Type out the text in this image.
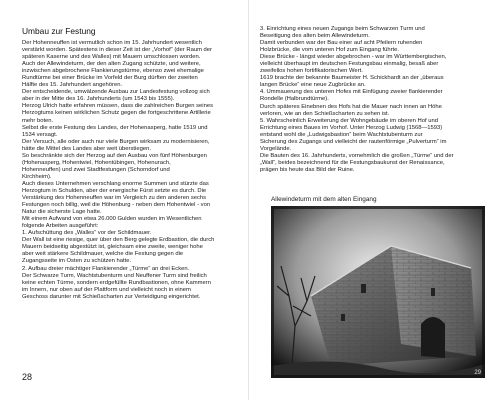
Umbau zur Festung
Der Hohenneuffen ist vermutlich schon im 15. Jahrhundert wesentlich
verstärkt worden. Spätestens in dieser Zeit ist der „Vorhof“ (der Raum der
späteren Kaserne und des Walles) mit Mauern umschlossen worden.
Auch der Allewindeturm, der den alten Zugang schützte, und weitere,
inzwischen abgebrochene Flankierungstürme, ebenso zwei ehemalige
Rundtürme bei einer Brücke im Vorfeld der Burg dürften der zweiten
Hälfte des 15. Jahrhundert angehören.
Der entscheidende, umwälzende Ausbau zur Landesfestung vollzog sich
aber in der Mitte des 16. Jahrhunderts (um 1543 bis 1555).
Herzog Ulrich hatte erfahren müssen, dass die zahlreichen Burgen seines
Herzogtums keinen wirklichen Schutz gegen die fortgeschrittene Artillerie
mehr boten.
Selbst die erste Festung des Landes, der Hohenasperg, hatte 1519 und
1534 versagt.
Der Versuch, alle oder auch nur viele Burgen wirksam zu modernisieren,
hätte die Mittel des Landes aber weit überstiegen.
So beschränkte sich der Herzog auf den Ausbau von fünf Höhenburgen
(Hohenasperg, Hohentwiel, Hohentübingen, Hohenurach,
Hohenneuffen) und zwei Stadtfestungen (Schorndorf und
Kirchheim).
Auch dieses Unternehmen verschlang enorme Summen und stürzte das
Herzogtum in Schulden, aber der energische Fürst setzte es durch. Die
Verstärkung des Hohenneuffen war im Vergleich zu den anderen sechs
Festungen noch billig, weil die Höhenburg - neben dem Hohentwiel - von
Natur die sicherste Lage hatte.
Mit einem Aufwand von etwa 26.000 Gulden wurden im Wesentlichen
folgende Arbeiten ausgeführt:
1. Aufschüttung des „Walles“ vor der Schildmauer.
Der Wall ist eine riesige, quer über den Berg gelegte Erdbastion, die durch
Mauern beidseitig abgestützt ist, gleichsam eine zweite, weniger hohe
aber weit stärkere Schildmauer, welche die Festung gegen die
Zugangsseite im Osten zu schützen hatte.
2. Aufbau dreier mächtiger Flankierender „Türme“ an drei Ecken.
Der Schwarze Turm, Wachtstubenturm und Neuffener Turm sind freilich
keine echten Türme, sondern erdgefüllte Rundbastionen, ohne Kammern
im Innern, nur oben auf der Plattform und vielleicht noch in einem
Geschoss darunter mit Schießscharten zur Verteidigung eingerichtet.
28
3. Einrichtung eines neuen Zugangs beim Schwarzen Turm und
Beseitigung des alten beim Allewindeturm.
Damit verbunden war der Bau einer auf acht Pfeilern ruhenden
Holzbrücke, die vom unteren Hof zum Eingang führte.
Diese Brücke - längst wieder abgebrochen - war im Württembergischen,
vielleicht überhaupt im deutschen Festungsbau einmalig, besaß aber
zweifellos hohen fortifikatorischen Wert.
1619 brachte der bekannte Baumeister H. Schickhardt an der „überaus
langen Brücke“ eine neue Zugbrücke an.
4. Ummauerung des unteren Hofes mit Einfügung zweier flankierender
Rondelle (Halbrundtürme).
Durch späteres Einebnen des Hofs hat die Mauer nach innen an Höhe
verloren, wie an den Schießscharten zu sehen ist.
5. Wahrscheinlich Erweiterung der Wohngebäude im oberen Hof und
Errichtung eines Baues im Vorhof. Unter Herzog Ludwig (1568—1593)
entstand wohl die „Ludwigsbastion“ beim Wachtstubenturm zur
Sicherung des Zugangs und vielleicht der rautenförmige „Pulverturm“ im
Vorgelände.
Die Bauten des 16. Jahrhunderts, vornehmlich die großen „Türme“ und der
„Wall“, beides bezeichnend für die Festungsbaukunst der Renaissance,
prägen bis heute das Bild der Ruine.
Allewindeturm mit dem alten Eingang
29
